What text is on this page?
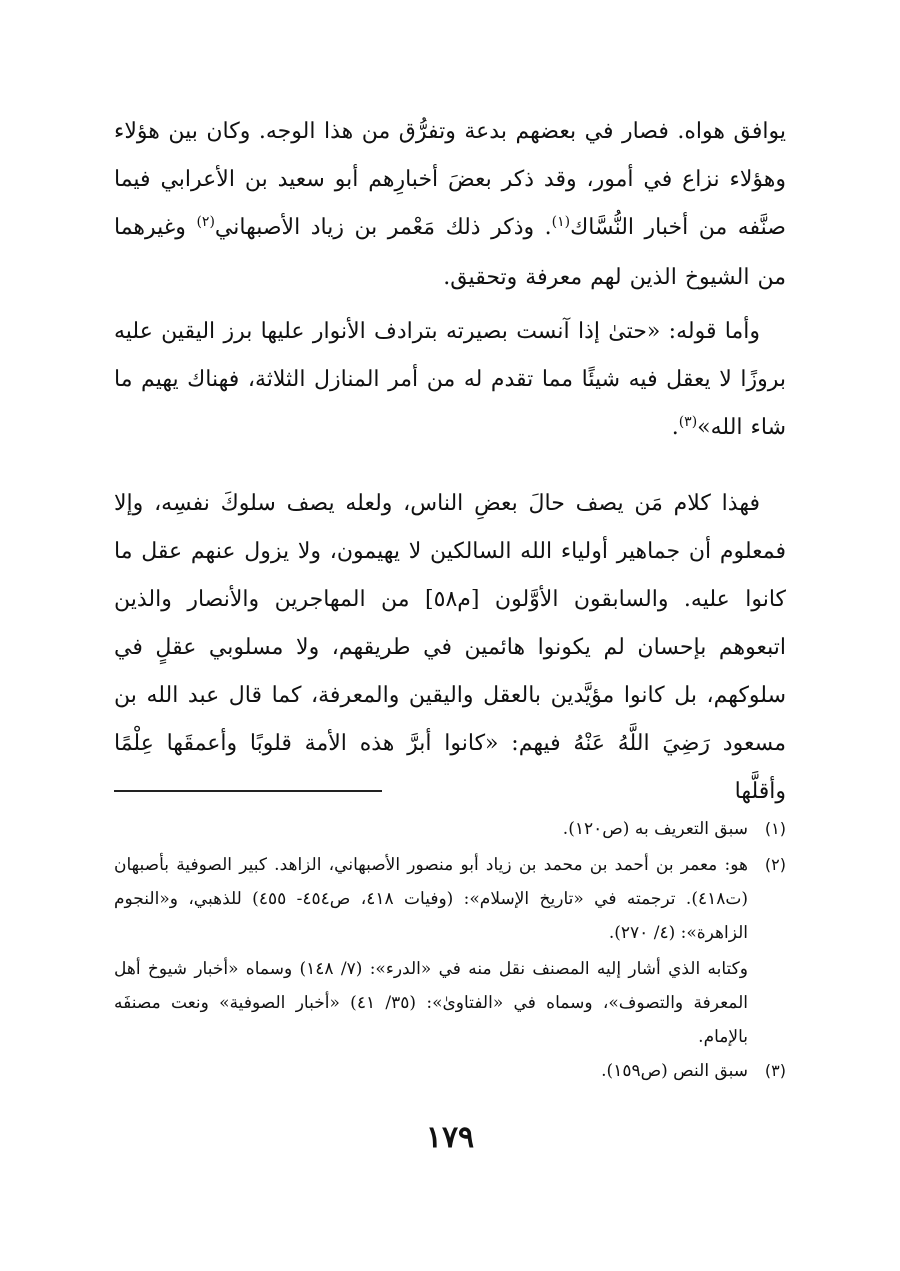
يوافق هواه. فصار في بعضهم بدعة وتفرُّق من هذا الوجه. وكان بين هؤلاء وهؤلاء نزاع في أمور، وقد ذكر بعضَ أخبارِهم أبو سعيد بن الأعرابي فيما صنَّفه من أخبار النُّسَّاك$^{(١)}$. وذكر ذلك مَعْمر بن زياد الأصبهاني$^{(٢)}$ وغيرهما من الشيوخ الذين لهم معرفة وتحقيق.

وأما قوله: «حتىٰ إذا آنست بصيرته بترادف الأنوار عليها برز اليقين عليه بروزًا لا يعقل فيه شيئًا مما تقدم له من أمر المنازل الثلاثة، فهناك يهيم ما شاء الله»$^{(٣)}$.

فهذا كلام مَن يصف حالَ بعضِ الناس، ولعله يصف سلوكَ نفسِه، وإلا فمعلوم أن جماهير أولياء الله السالكين لا يهيمون، ولا يزول عنهم عقل ما كانوا عليه. والسابقون الأوَّلون [م٥٨] من المهاجرين والأنصار والذين اتبعوهم بإحسان لم يكونوا هائمين في طريقهم، ولا مسلوبي عقلٍ في سلوكهم، بل كانوا مؤيَّدين بالعقل واليقين والمعرفة، كما قال عبد الله بن مسعود رَضِيَ اللَّهُ عَنْهُ فيهم: «كانوا أبرَّ هذه الأمة قلوبًا وأعمقَها عِلْمًا وأقلَّها

(١)
سبق التعريف به (ص١٢٠).
(٢)
هو: معمر بن أحمد بن محمد بن زياد أبو منصور الأصبهاني، الزاهد. كبير الصوفية بأصبهان (ت٤١٨). ترجمته في «تاريخ الإسلام»: (وفيات ٤١٨، ص٤٥٤- ٤٥٥) للذهبي، و«النجوم الزاهرة»: (٤/ ٢٧٠).

وكتابه الذي أشار إليه المصنف نقل منه في «الدرء»: (٧/ ١٤٨) وسماه «أخبار شيوخ أهل المعرفة والتصوف»، وسماه في «الفتاوىٰ»: (٣٥/ ٤١) «أخبار الصوفية» ونعت مصنفَه بالإمام.

(٣)
سبق النص (ص١٥٩).
١٧٩
